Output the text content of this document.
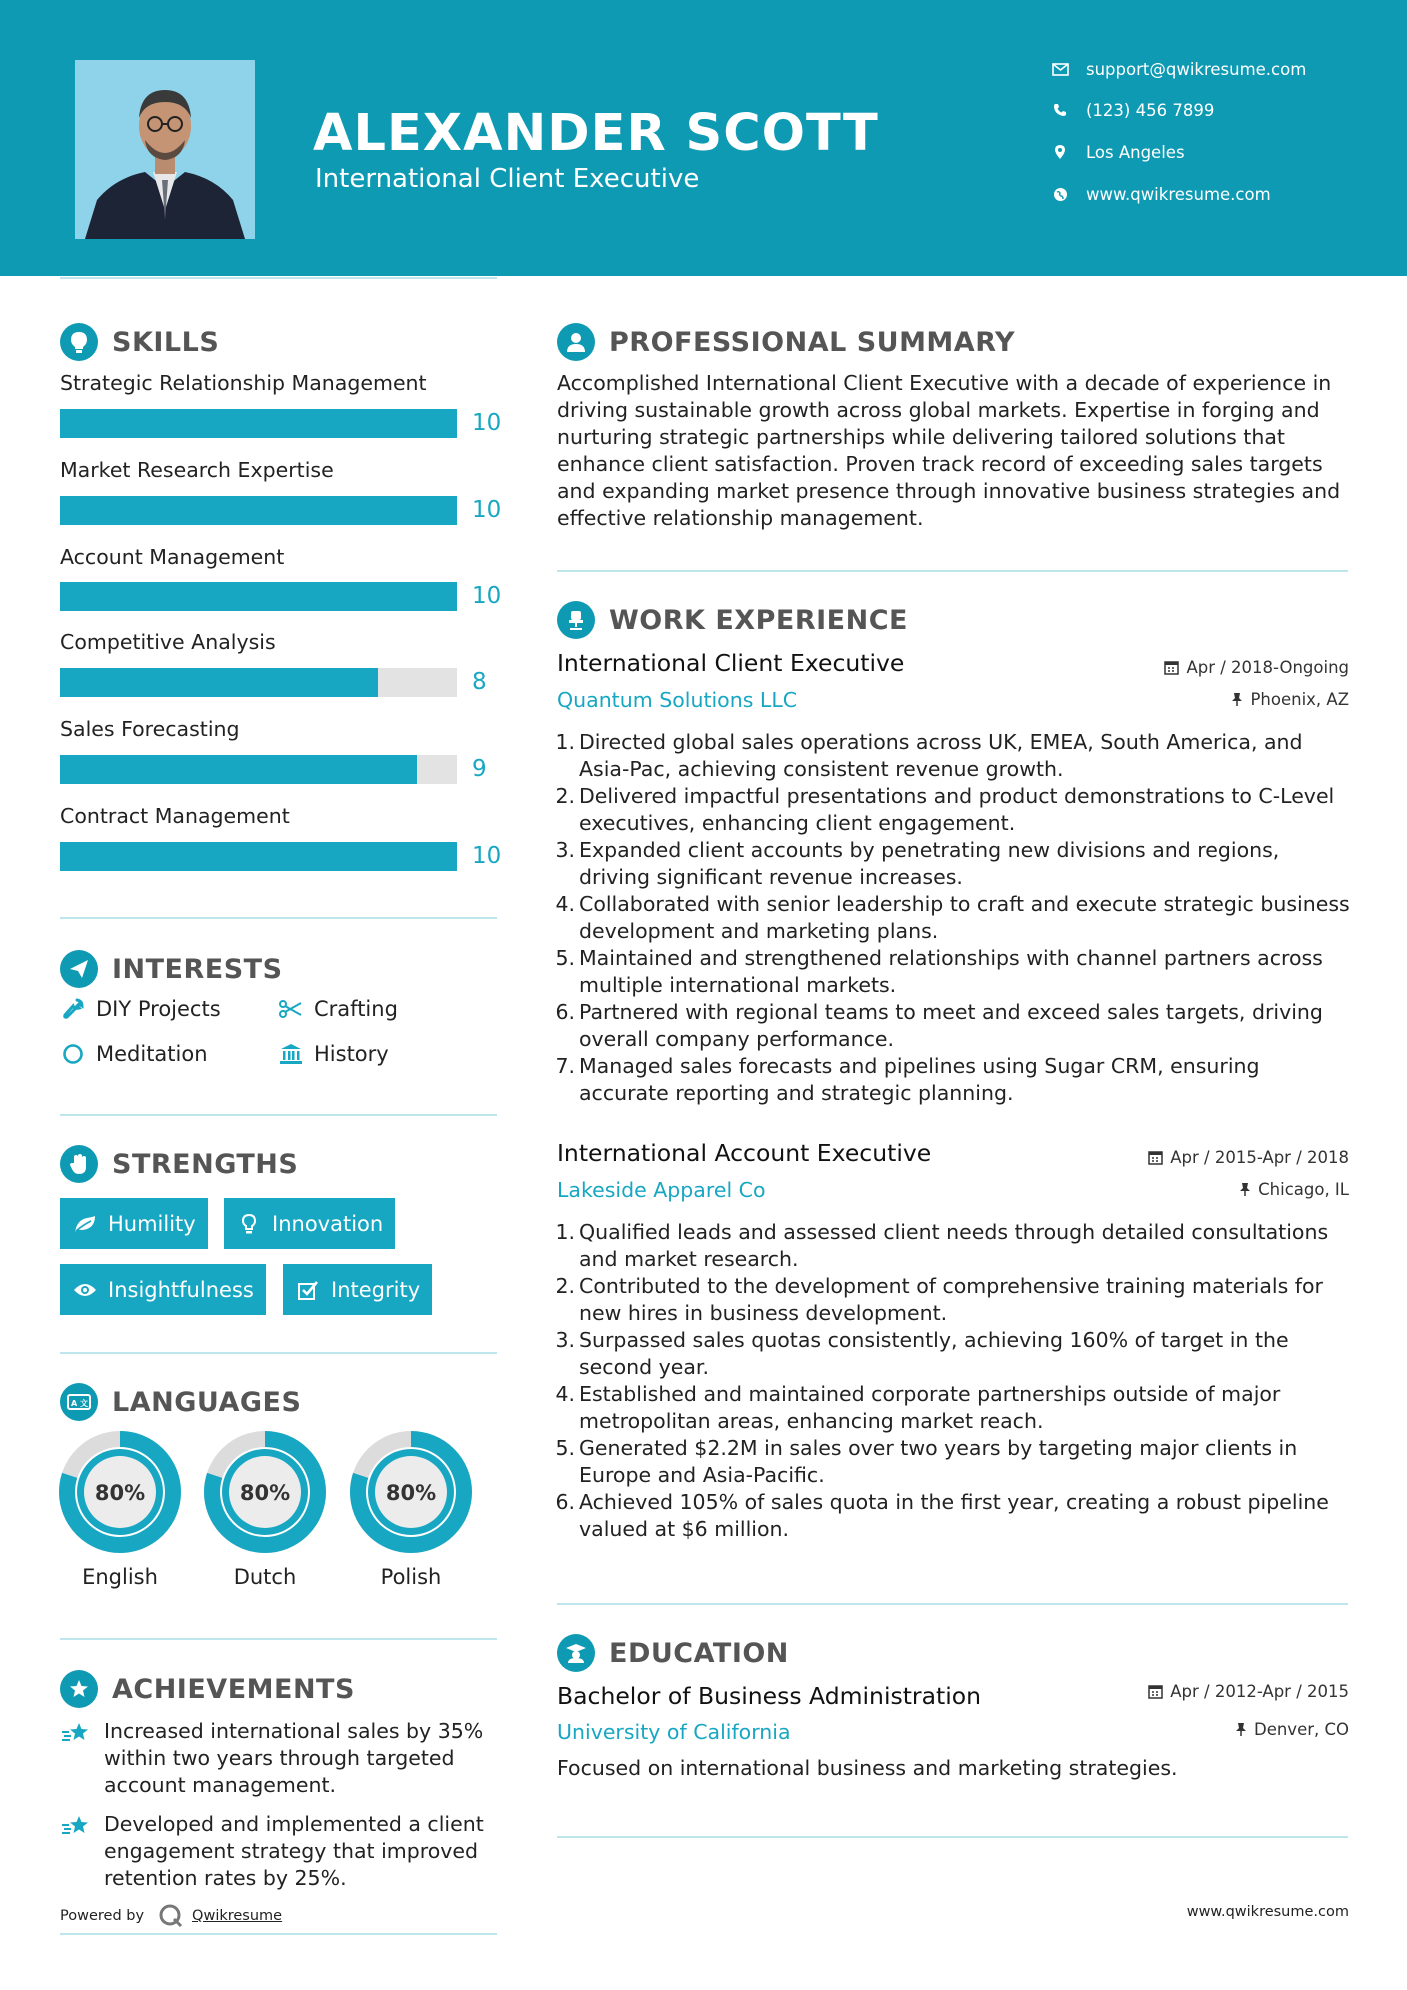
ALEXANDER SCOTT
International Client Executive
support@qwikresume.com
(123) 456 7899
Los Angeles
www.qwikresume.com
SKILLS
Strategic Relationship Management
10
Market Research Expertise
10
Account Management
10
Competitive Analysis
8
Sales Forecasting
9
Contract Management
10
INTERESTS
DIY Projects	Crafting
Meditation	History
STRENGTHS
Humility	Innovation
Insightfulness	Integrity
A 文 LANGUAGES
80%
English
80%
Dutch
80%
Polish
ACHIEVEMENTS
Increased international sales by 35% within two years through targeted account management.
Developed and implemented a client engagement strategy that improved retention rates by 25%.
PROFESSIONAL SUMMARY
Accomplished International Client Executive with a decade of experience in driving sustainable growth across global markets. Expertise in forging and nurturing strategic partnerships while delivering tailored solutions that enhance client satisfaction. Proven track record of exceeding sales targets and expanding market presence through innovative business strategies and effective relationship management.
WORK EXPERIENCE
International Client Executive	Apr / 2018-Ongoing
Quantum Solutions LLC	Phoenix, AZ
1. Directed global sales operations across UK, EMEA, South America, and Asia-Pac, achieving consistent revenue growth.
2. Delivered impactful presentations and product demonstrations to C-Level executives, enhancing client engagement.
3. Expanded client accounts by penetrating new divisions and regions, driving significant revenue increases.
4. Collaborated with senior leadership to craft and execute strategic business development and marketing plans.
5. Maintained and strengthened relationships with channel partners across multiple international markets.
6. Partnered with regional teams to meet and exceed sales targets, driving overall company performance.
7. Managed sales forecasts and pipelines using Sugar CRM, ensuring accurate reporting and strategic planning.
International Account Executive	Apr / 2015-Apr / 2018
Lakeside Apparel Co	Chicago, IL
1. Qualified leads and assessed client needs through detailed consultations and market research.
2. Contributed to the development of comprehensive training materials for new hires in business development.
3. Surpassed sales quotas consistently, achieving 160% of target in the second year.
4. Established and maintained corporate partnerships outside of major metropolitan areas, enhancing market reach.
5. Generated $2.2M in sales over two years by targeting major clients in Europe and Asia-Pacific.
6. Achieved 105% of sales quota in the first year, creating a robust pipeline valued at $6 million.
EDUCATION
Bachelor of Business Administration	Apr / 2012-Apr / 2015
University of California	Denver, CO
Focused on international business and marketing strategies.
Powered by	Qwikresume	www.qwikresume.com
